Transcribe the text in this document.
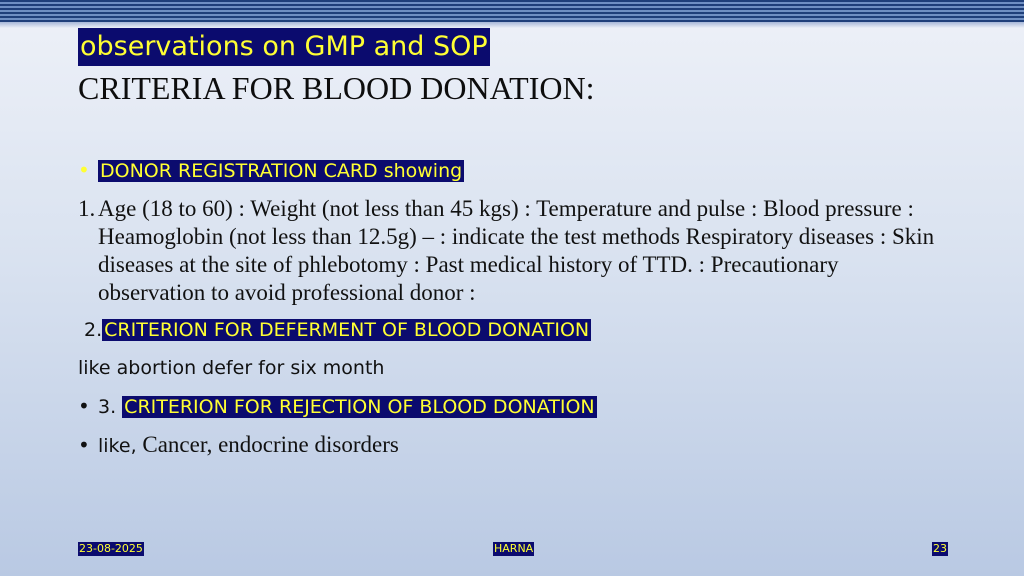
observations on GMP and SOP
CRITERIA FOR BLOOD DONATION:
• DONOR REGISTRATION CARD showing
1. Age (18 to 60) : Weight (not less than 45 kgs) : Temperature and pulse : Blood pressure : Heamoglobin (not less than 12.5g) – : indicate the test methods Respiratory diseases : Skin diseases at the site of phlebotomy : Past medical history of TTD. : Precautionary observation to avoid professional donor :
2. CRITERION FOR DEFERMENT OF BLOOD DONATION
like abortion defer for six month
• 3. CRITERION FOR REJECTION OF BLOOD DONATION
• like, Cancer, endocrine disorders
23-08-2025	HARNA	23
